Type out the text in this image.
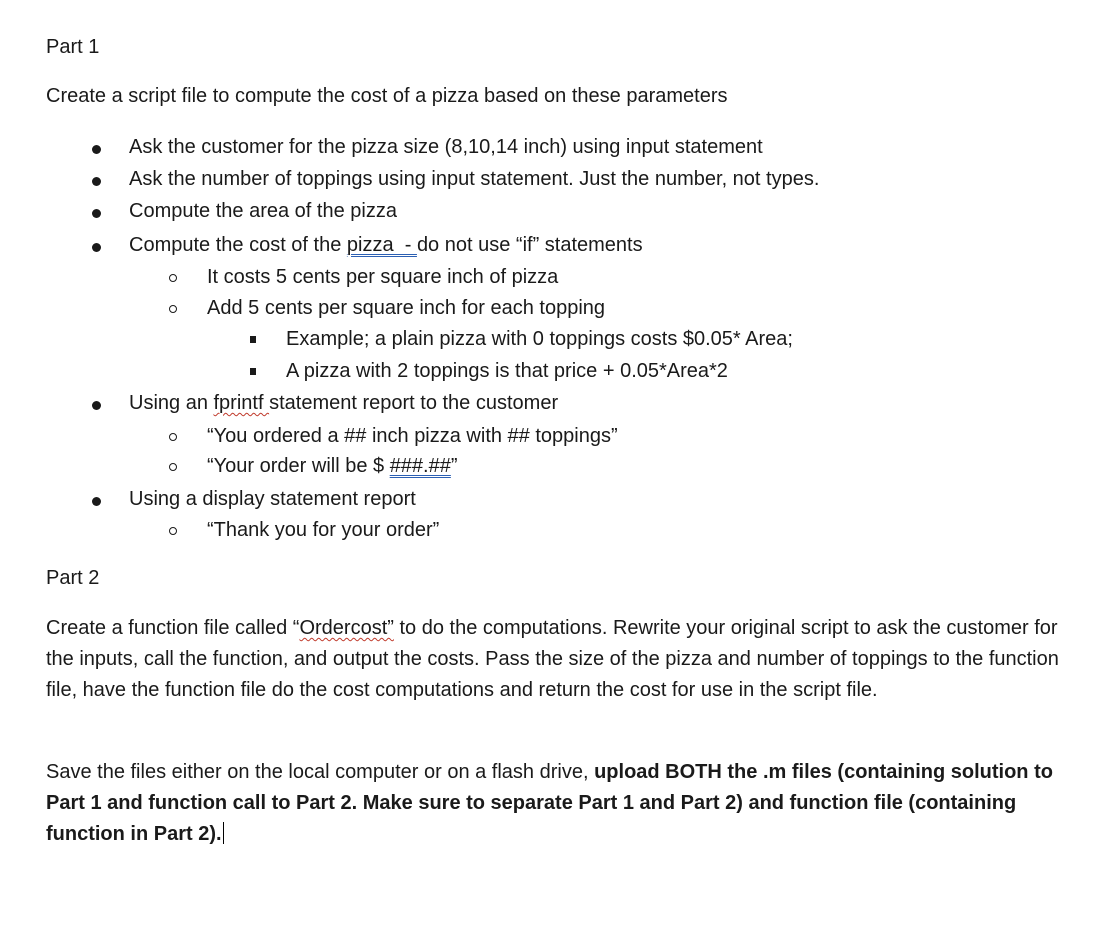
Part 1
Create a script file to compute the cost of a pizza based on these parameters
Ask the customer for the pizza size (8,10,14 inch) using input statement
Ask the number of toppings using input statement. Just the number, not types.
Compute the area of the pizza
Compute the cost of the pizza  - do not use “if” statements
It costs 5 cents per square inch of pizza
Add 5 cents per square inch for each topping
Example; a plain pizza with 0 toppings costs $0.05* Area;
A pizza with 2 toppings is that price + 0.05*Area*2
Using an fprintf statement report to the customer
“You ordered a ## inch pizza with ## toppings”
“Your order will be $ ###.##”
Using a display statement report
“Thank you for your order”
Part 2
Create a function file called “Ordercost” to do the computations. Rewrite your original script to ask the customer for the inputs, call the function, and output the costs. Pass the size of the pizza and number of toppings to the function file, have the function file do the cost computations and return the cost for use in the script file.
Save the files either on the local computer or on a flash drive, upload BOTH the .m files (containing solution to Part 1 and function call to Part 2. Make sure to separate Part 1 and Part 2) and function file (containing function in Part 2).
